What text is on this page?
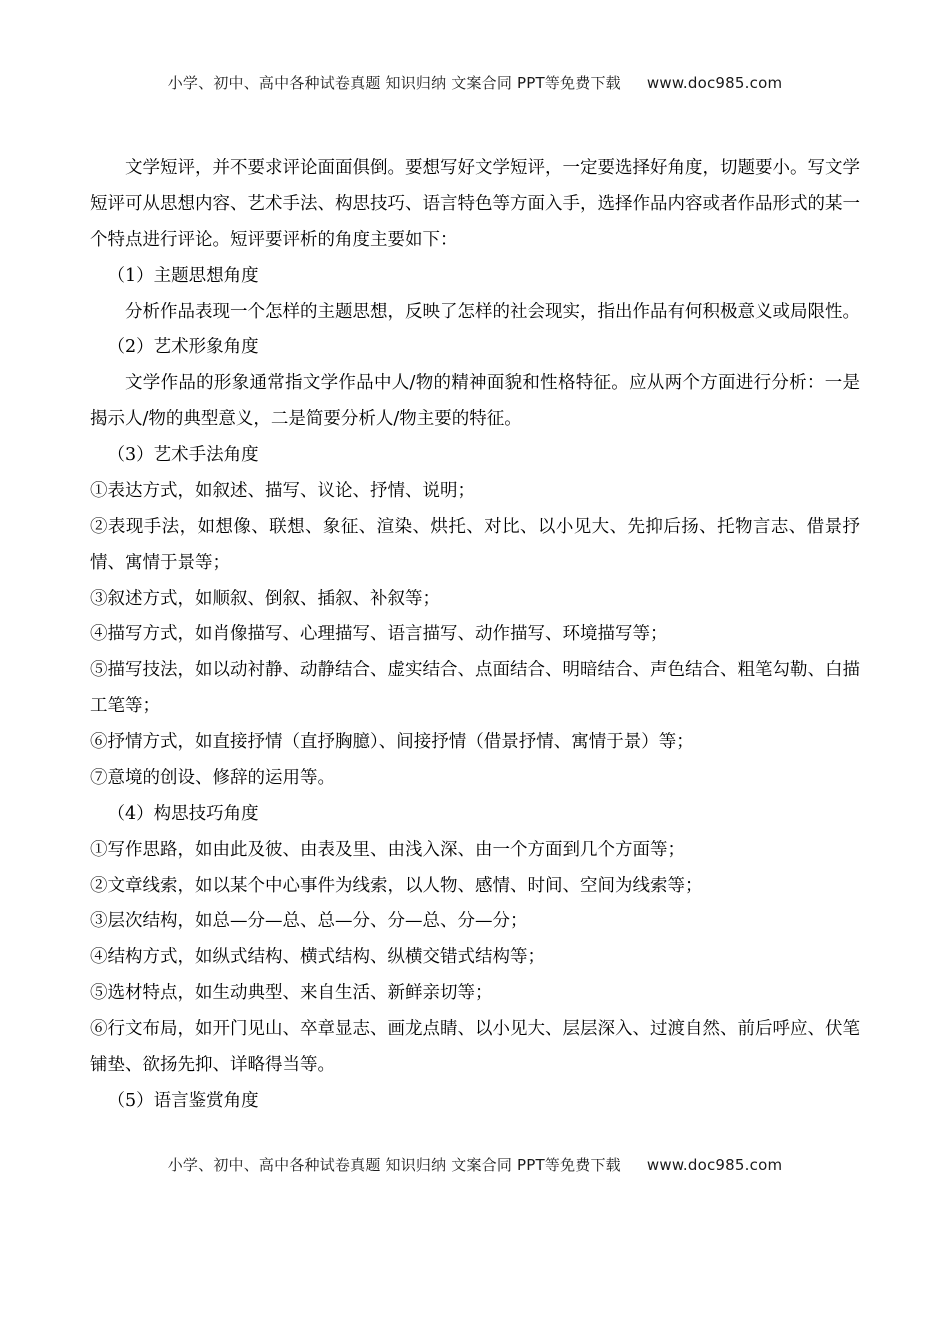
小学、初中、高中各种试卷真题 知识归纳 文案合同 PPT等免费下载 www.doc985.com

文学短评，并不要求评论面面俱倒。要想写好文学短评，一定要选择好角度，切题要小。写文学短评可从思想内容、艺术手法、构思技巧、语言特色等方面入手，选择作品内容或者作品形式的某一个特点进行评论。短评要评析的角度主要如下：

（1）主题思想角度

分析作品表现一个怎样的主题思想，反映了怎样的社会现实，指出作品有何积极意义或局限性。

（2）艺术形象角度

文学作品的形象通常指文学作品中人/物的精神面貌和性格特征。应从两个方面进行分析：一是揭示人/物的典型意义，二是简要分析人/物主要的特征。

（3）艺术手法角度

①表达方式，如叙述、描写、议论、抒情、说明；

②表现手法，如想像、联想、象征、渲染、烘托、对比、以小见大、先抑后扬、托物言志、借景抒情、寓情于景等；

③叙述方式，如顺叙、倒叙、插叙、补叙等；

④描写方式，如肖像描写、心理描写、语言描写、动作描写、环境描写等；

⑤描写技法，如以动衬静、动静结合、虚实结合、点面结合、明暗结合、声色结合、粗笔勾勒、白描工笔等；

⑥抒情方式，如直接抒情（直抒胸臆）、间接抒情（借景抒情、寓情于景）等；

⑦意境的创设、修辞的运用等。

（4）构思技巧角度

①写作思路，如由此及彼、由表及里、由浅入深、由一个方面到几个方面等；

②文章线索，如以某个中心事件为线索，以人物、感情、时间、空间为线索等；

③层次结构，如总—分—总、总—分、分—总、分—分；

④结构方式，如纵式结构、横式结构、纵横交错式结构等；

⑤选材特点，如生动典型、来自生活、新鲜亲切等；

⑥行文布局，如开门见山、卒章显志、画龙点睛、以小见大、层层深入、过渡自然、前后呼应、伏笔铺垫、欲扬先抑、详略得当等。

（5）语言鉴赏角度

小学、初中、高中各种试卷真题 知识归纳 文案合同 PPT等免费下载 www.doc985.com
